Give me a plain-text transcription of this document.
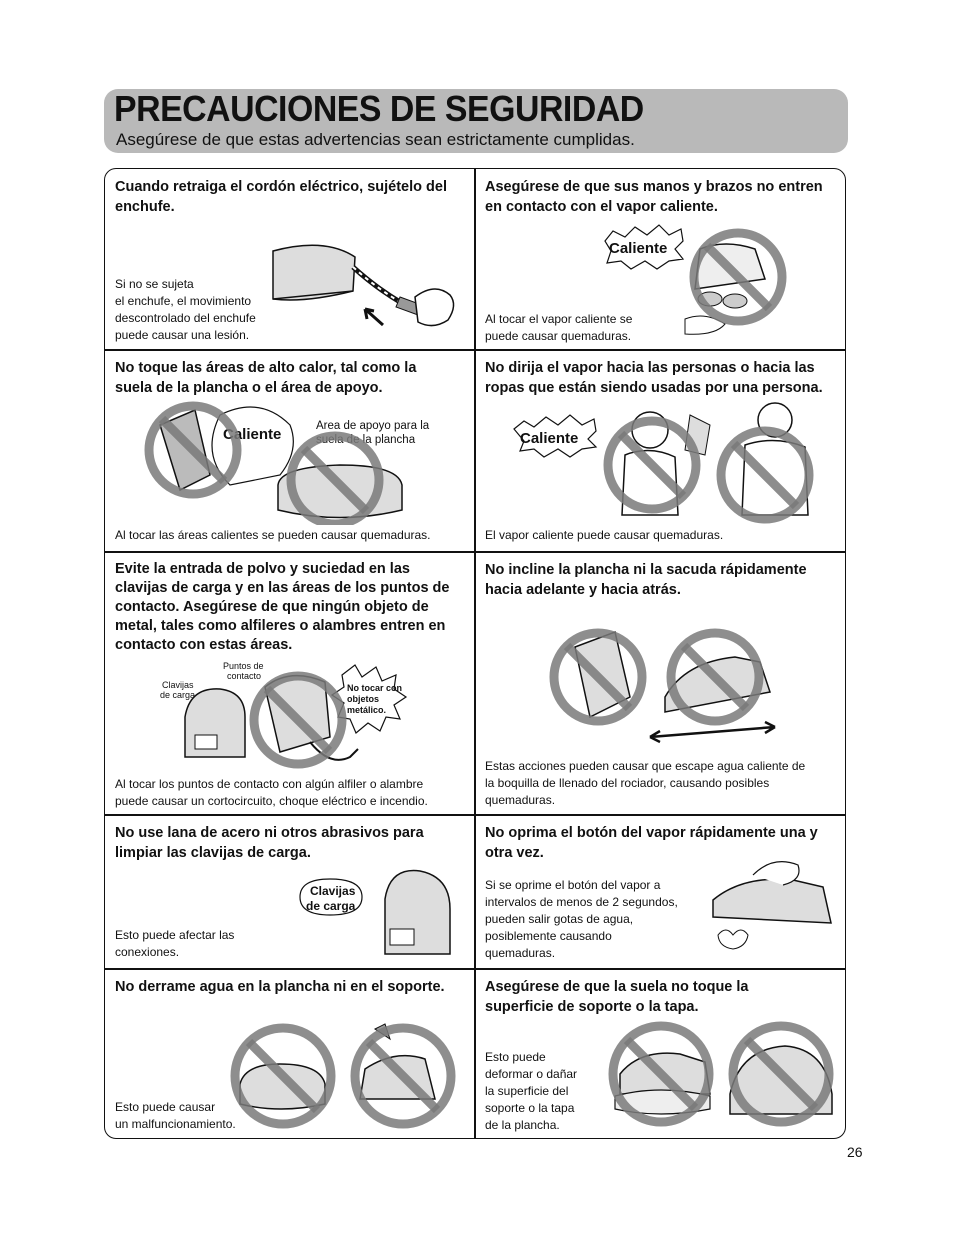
PRECAUCIONES DE SEGURIDAD
Asegúrese de que estas advertencias sean estrictamente cumplidas.
Cuando retraiga el cordón eléctrico, sujételo del enchufe.
Si no se sujeta
el enchufe, el movimiento
descontrolado del enchufe
puede causar una lesión.
Asegúrese de que sus manos y brazos no entren en contacto con el vapor caliente.
Al tocar el vapor caliente se
puede causar quemaduras.
Caliente
No toque las áreas de alto calor, tal como la suela de la plancha o el área de apoyo.
Al tocar las áreas calientes se pueden causar quemaduras.
Caliente	Area de apoyo para la suela de la plancha
No dirija el vapor hacia las personas o hacia las ropas que están siendo usadas por una persona.
El vapor caliente puede causar quemaduras.
Caliente
Evite la entrada de polvo y suciedad en las clavijas de carga y en las áreas de los puntos de contacto. Asegúrese de que ningún objeto de metal, tales como alfileres o alambres entren en contacto con estas áreas.
Al tocar los puntos de contacto con algún alfiler o alambre
puede causar un cortocircuito, choque eléctrico e incendio.
Puntos de contacto
Clavijas de carga
No tocar con objetos metálico.
No incline la plancha ni la sacuda rápidamente hacia adelante y hacia atrás.
Estas acciones pueden causar que escape agua caliente de
la boquilla de llenado del rociador, causando posibles
quemaduras.
No use lana de acero ni otros abrasivos para limpiar las clavijas de carga.
Esto puede afectar las
conexiones.
Clavijas de carga
No oprima el botón del vapor rápidamente una y otra vez.
Si se oprime el botón del vapor a
intervalos de menos de 2 segundos,
pueden salir gotas de agua,
posiblemente causando
quemaduras.
No derrame agua en la plancha ni en el soporte.
Esto puede causar
un malfuncionamiento.
Asegúrese de que la suela no toque la superficie de soporte o la tapa.
Esto puede
deformar o dañar
la superficie del
soporte o la tapa
de la plancha.
26
